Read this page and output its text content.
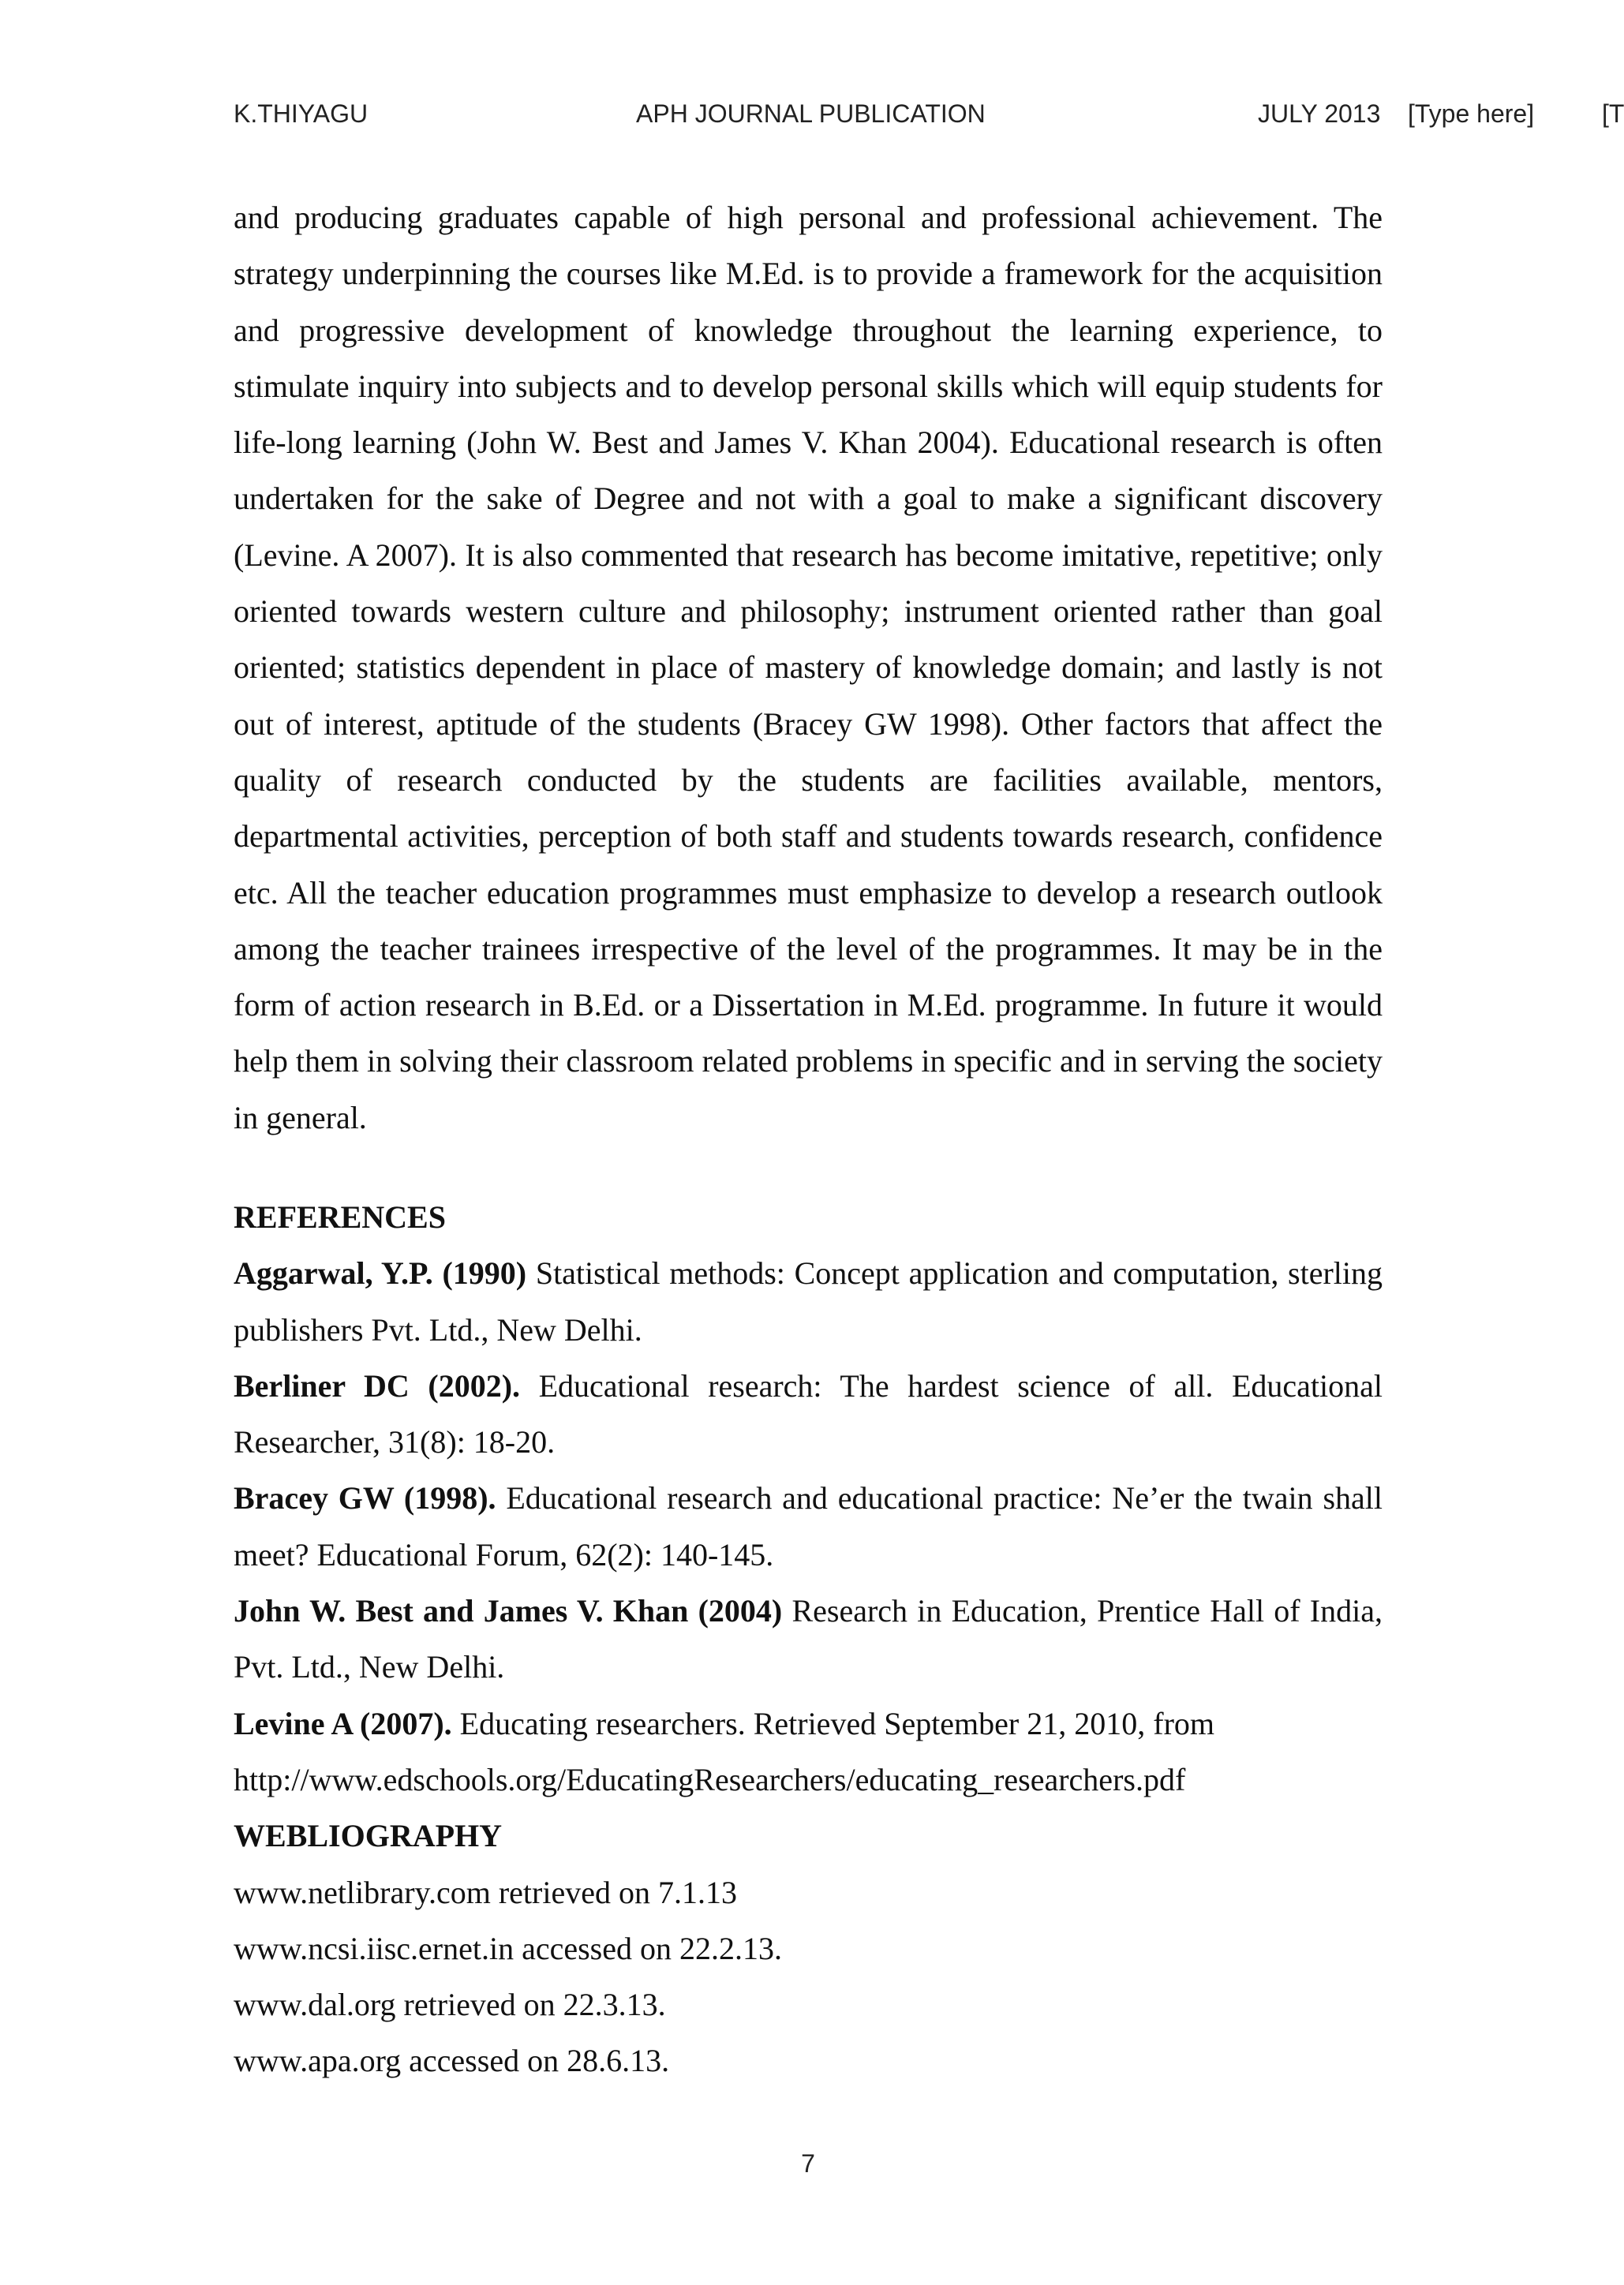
K.THIYAGU	APH JOURNAL PUBLICATION	JULY 2013 [Type here]	[T

and producing graduates capable of high personal and professional achievement. The strategy underpinning the courses like M.Ed. is to provide a framework for the acquisition and progressive development of knowledge throughout the learning experience, to stimulate inquiry into subjects and to develop personal skills which will equip students for life-long learning (John W. Best and James V. Khan 2004). Educational research is often undertaken for the sake of Degree and not with a goal to make a significant discovery (Levine. A 2007). It is also commented that research has become imitative, repetitive; only oriented towards western culture and philosophy; instrument oriented rather than goal oriented; statistics dependent in place of mastery of knowledge domain; and lastly is not out of interest, aptitude of the students (Bracey GW 1998). Other factors that affect the quality of research conducted by the students are facilities available, mentors, departmental activities, perception of both staff and students towards research, confidence etc. All the teacher education programmes must emphasize to develop a research outlook among the teacher trainees irrespective of the level of the programmes. It may be in the form of action research in B.Ed. or a Dissertation in M.Ed. programme. In future it would help them in solving their classroom related problems in specific and in serving the society in general.

REFERENCES

Aggarwal, Y.P. (1990) Statistical methods: Concept application and computation, sterling publishers Pvt. Ltd., New Delhi.

Berliner DC (2002). Educational research: The hardest science of all. Educational Researcher, 31(8): 18-20.

Bracey GW (1998). Educational research and educational practice: Ne’er the twain shall meet? Educational Forum, 62(2): 140-145.

John W. Best and James V. Khan (2004) Research in Education, Prentice Hall of India, Pvt. Ltd., New Delhi.

Levine A (2007). Educating researchers. Retrieved September 21, 2010, from
http://www.edschools.org/EducatingResearchers/educating_researchers.pdf

WEBLIOGRAPHY

www.netlibrary.com retrieved on 7.1.13

www.ncsi.iisc.ernet.in accessed on 22.2.13.

www.dal.org retrieved on 22.3.13.

www.apa.org accessed on 28.6.13.

7
